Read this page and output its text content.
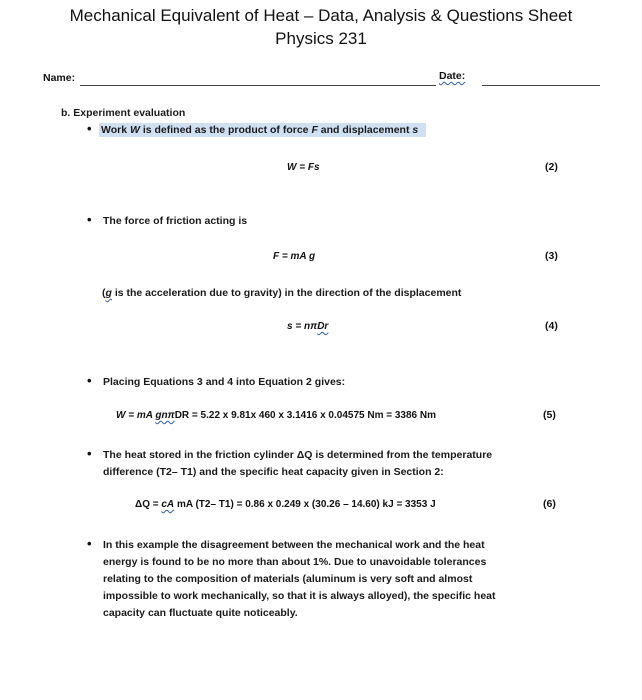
Mechanical Equivalent of Heat – Data, Analysis & Questions Sheet
Physics 231
Name:	Date:
b. Experiment evaluation
• Work W is defined as the product of force F and displacement s
W = Fs	(2)
• The force of friction acting is
F = mA g	(3)
(g is the acceleration due to gravity) in the direction of the displacement
s = nπDr	(4)
• Placing Equations 3 and 4 into Equation 2 gives:
W = mA gnπDR = 5.22 x 9.81x 460 x 3.1416 x 0.04575 Nm = 3386 Nm	(5)
• The heat stored in the friction cylinder ΔQ is determined from the temperature
difference (T2– T1) and the specific heat capacity given in Section 2:
ΔQ = cA mA (T2– T1) = 0.86 x 0.249 x (30.26 – 14.60) kJ = 3353 J	(6)
• In this example the disagreement between the mechanical work and the heat
energy is found to be no more than about 1%. Due to unavoidable tolerances
relating to the composition of materials (aluminum is very soft and almost
impossible to work mechanically, so that it is always alloyed), the specific heat
capacity can fluctuate quite noticeably.
